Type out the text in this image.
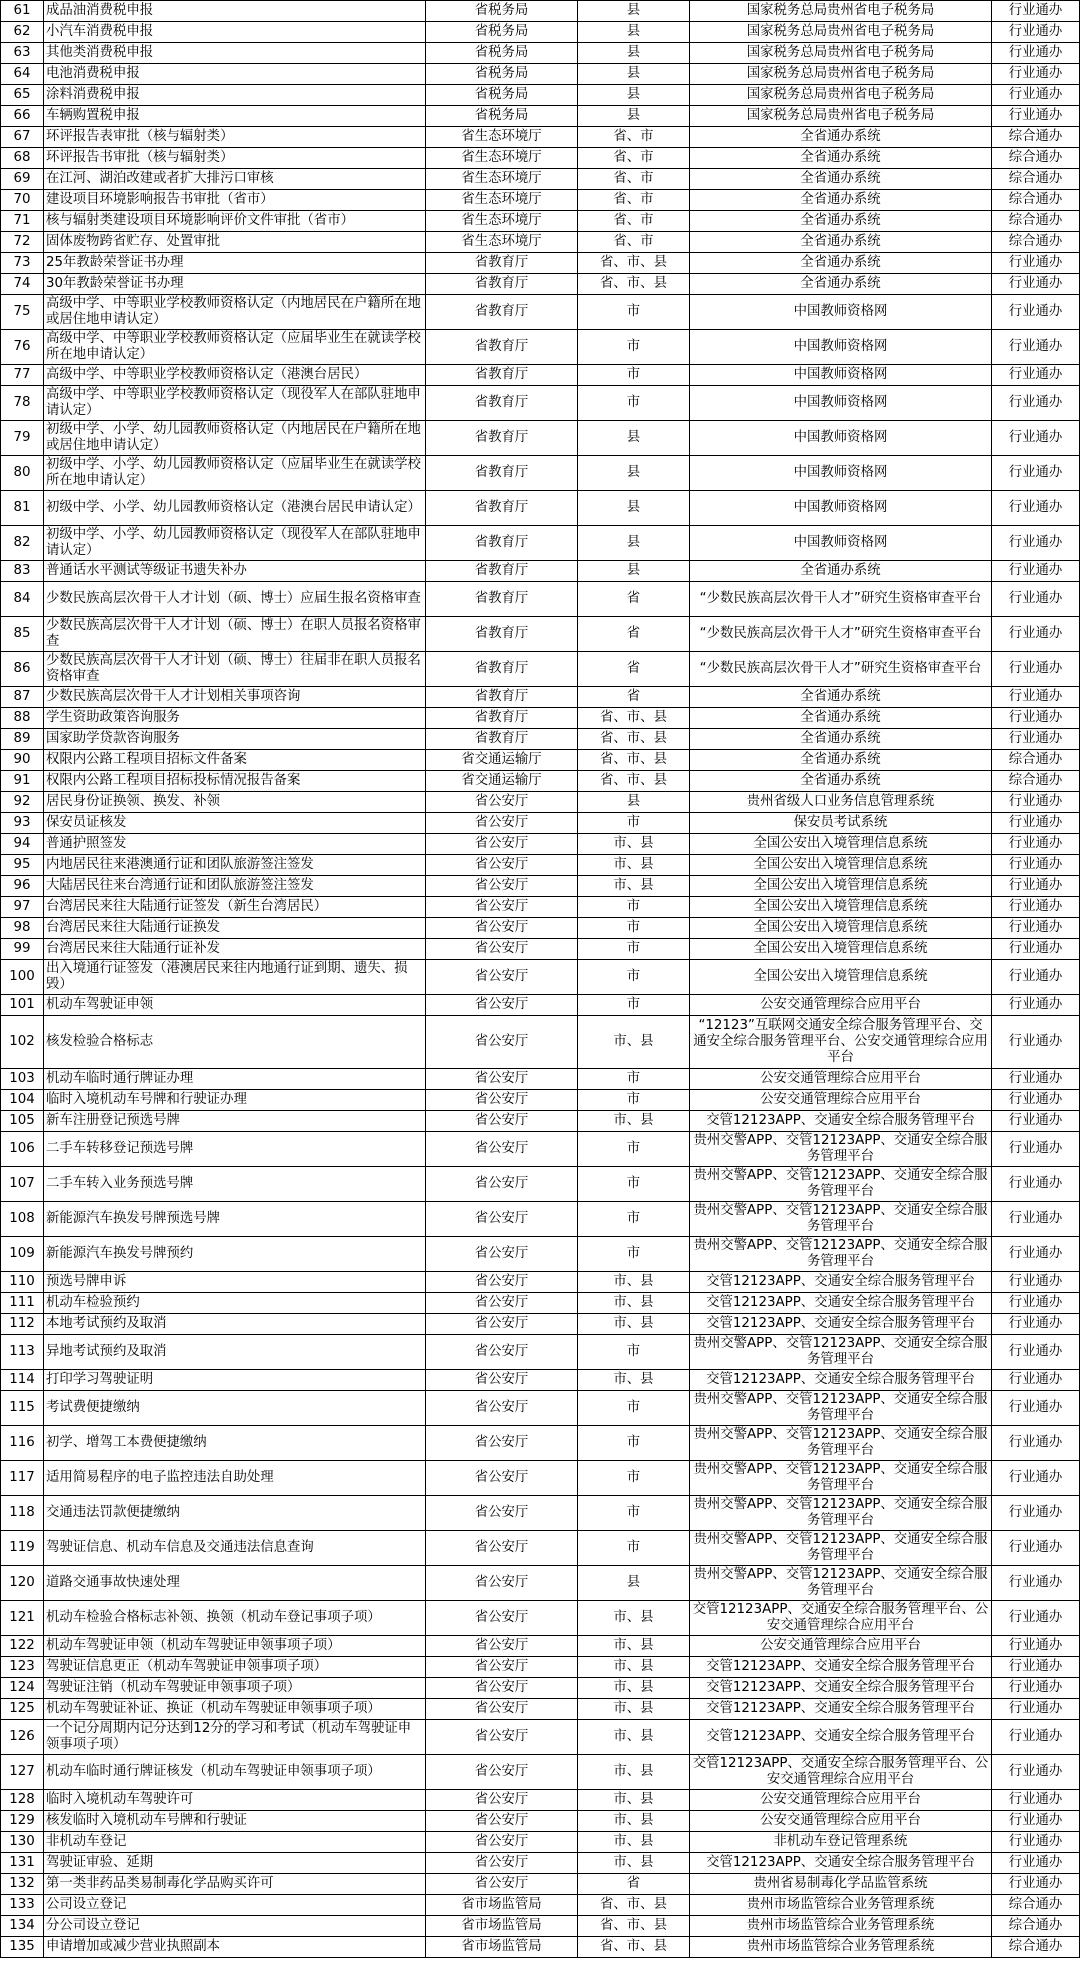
61	成品油消费税申报	省税务局	县	国家税务总局贵州省电子税务局	行业通办
62	小汽车消费税申报	省税务局	县	国家税务总局贵州省电子税务局	行业通办
63	其他类消费税申报	省税务局	县	国家税务总局贵州省电子税务局	行业通办
64	电池消费税申报	省税务局	县	国家税务总局贵州省电子税务局	行业通办
65	涂料消费税申报	省税务局	县	国家税务总局贵州省电子税务局	行业通办
66	车辆购置税申报	省税务局	县	国家税务总局贵州省电子税务局	行业通办
67	环评报告表审批（核与辐射类）	省生态环境厅	省、市	全省通办系统	综合通办
68	环评报告书审批（核与辐射类）	省生态环境厅	省、市	全省通办系统	综合通办
69	在江河、湖泊改建或者扩大排污口审核	省生态环境厅	省、市	全省通办系统	综合通办
70	建设项目环境影响报告书审批（省市）	省生态环境厅	省、市	全省通办系统	综合通办
71	核与辐射类建设项目环境影响评价文件审批（省市）	省生态环境厅	省、市	全省通办系统	综合通办
72	固体废物跨省贮存、处置审批	省生态环境厅	省、市	全省通办系统	综合通办
73	25年教龄荣誉证书办理	省教育厅	省、市、县	全省通办系统	行业通办
74	30年教龄荣誉证书办理	省教育厅	省、市、县	全省通办系统	行业通办
75	高级中学、中等职业学校教师资格认定（内地居民在户籍所在地或居住地申请认定）	省教育厅	市	中国教师资格网	行业通办
76	高级中学、中等职业学校教师资格认定（应届毕业生在就读学校所在地申请认定）	省教育厅	市	中国教师资格网	行业通办
77	高级中学、中等职业学校教师资格认定（港澳台居民）	省教育厅	市	中国教师资格网	行业通办
78	高级中学、中等职业学校教师资格认定（现役军人在部队驻地申请认定）	省教育厅	市	中国教师资格网	行业通办
79	初级中学、小学、幼儿园教师资格认定（内地居民在户籍所在地或居住地申请认定）	省教育厅	县	中国教师资格网	行业通办
80	初级中学、小学、幼儿园教师资格认定（应届毕业生在就读学校所在地申请认定）	省教育厅	县	中国教师资格网	行业通办
81	初级中学、小学、幼儿园教师资格认定（港澳台居民申请认定）	省教育厅	县	中国教师资格网	行业通办
82	初级中学、小学、幼儿园教师资格认定（现役军人在部队驻地申请认定）	省教育厅	县	中国教师资格网	行业通办
83	普通话水平测试等级证书遗失补办	省教育厅	县	全省通办系统	行业通办
84	少数民族高层次骨干人才计划（硕、博士）应届生报名资格审查	省教育厅	省	“少数民族高层次骨干人才”研究生资格审查平台	行业通办
85	少数民族高层次骨干人才计划（硕、博士）在职人员报名资格审查	省教育厅	省	“少数民族高层次骨干人才”研究生资格审查平台	行业通办
86	少数民族高层次骨干人才计划（硕、博士）往届非在职人员报名资格审查	省教育厅	省	“少数民族高层次骨干人才”研究生资格审查平台	行业通办
87	少数民族高层次骨干人才计划相关事项咨询	省教育厅	省	全省通办系统	行业通办
88	学生资助政策咨询服务	省教育厅	省、市、县	全省通办系统	行业通办
89	国家助学贷款咨询服务	省教育厅	省、市、县	全省通办系统	行业通办
90	权限内公路工程项目招标文件备案	省交通运输厅	省、市、县	全省通办系统	综合通办
91	权限内公路工程项目招标投标情况报告备案	省交通运输厅	省、市、县	全省通办系统	综合通办
92	居民身份证换领、换发、补领	省公安厅	县	贵州省级人口业务信息管理系统	行业通办
93	保安员证核发	省公安厅	市	保安员考试系统	行业通办
94	普通护照签发	省公安厅	市、县	全国公安出入境管理信息系统	行业通办
95	内地居民往来港澳通行证和团队旅游签注签发	省公安厅	市、县	全国公安出入境管理信息系统	行业通办
96	大陆居民往来台湾通行证和团队旅游签注签发	省公安厅	市、县	全国公安出入境管理信息系统	行业通办
97	台湾居民来往大陆通行证签发（新生台湾居民）	省公安厅	市	全国公安出入境管理信息系统	行业通办
98	台湾居民来往大陆通行证换发	省公安厅	市	全国公安出入境管理信息系统	行业通办
99	台湾居民来往大陆通行证补发	省公安厅	市	全国公安出入境管理信息系统	行业通办
100	出入境通行证签发（港澳居民来往内地通行证到期、遗失、损毁）	省公安厅	市	全国公安出入境管理信息系统	行业通办
101	机动车驾驶证申领	省公安厅	市	公安交通管理综合应用平台	行业通办
102	核发检验合格标志	省公安厅	市、县	“12123”互联网交通安全综合服务管理平台、交通安全综合服务管理平台、公安交通管理综合应用平台	行业通办
103	机动车临时通行牌证办理	省公安厅	市	公安交通管理综合应用平台	行业通办
104	临时入境机动车号牌和行驶证办理	省公安厅	市	公安交通管理综合应用平台	行业通办
105	新车注册登记预选号牌	省公安厅	市、县	交管12123APP、交通安全综合服务管理平台	行业通办
106	二手车转移登记预选号牌	省公安厅	市	贵州交警APP、交管12123APP、交通安全综合服务管理平台	行业通办
107	二手车转入业务预选号牌	省公安厅	市	贵州交警APP、交管12123APP、交通安全综合服务管理平台	行业通办
108	新能源汽车换发号牌预选号牌	省公安厅	市	贵州交警APP、交管12123APP、交通安全综合服务管理平台	行业通办
109	新能源汽车换发号牌预约	省公安厅	市	贵州交警APP、交管12123APP、交通安全综合服务管理平台	行业通办
110	预选号牌申诉	省公安厅	市、县	交管12123APP、交通安全综合服务管理平台	行业通办
111	机动车检验预约	省公安厅	市、县	交管12123APP、交通安全综合服务管理平台	行业通办
112	本地考试预约及取消	省公安厅	市、县	交管12123APP、交通安全综合服务管理平台	行业通办
113	异地考试预约及取消	省公安厅	市	贵州交警APP、交管12123APP、交通安全综合服务管理平台	行业通办
114	打印学习驾驶证明	省公安厅	市、县	交管12123APP、交通安全综合服务管理平台	行业通办
115	考试费便捷缴纳	省公安厅	市	贵州交警APP、交管12123APP、交通安全综合服务管理平台	行业通办
116	初学、增驾工本费便捷缴纳	省公安厅	市	贵州交警APP、交管12123APP、交通安全综合服务管理平台	行业通办
117	适用简易程序的电子监控违法自助处理	省公安厅	市	贵州交警APP、交管12123APP、交通安全综合服务管理平台	行业通办
118	交通违法罚款便捷缴纳	省公安厅	市	贵州交警APP、交管12123APP、交通安全综合服务管理平台	行业通办
119	驾驶证信息、机动车信息及交通违法信息查询	省公安厅	市	贵州交警APP、交管12123APP、交通安全综合服务管理平台	行业通办
120	道路交通事故快速处理	省公安厅	县	贵州交警APP、交管12123APP、交通安全综合服务管理平台	行业通办
121	机动车检验合格标志补领、换领（机动车登记事项子项）	省公安厅	市、县	交管12123APP、交通安全综合服务管理平台、公安交通管理综合应用平台	行业通办
122	机动车驾驶证申领（机动车驾驶证申领事项子项）	省公安厅	市、县	公安交通管理综合应用平台	行业通办
123	驾驶证信息更正（机动车驾驶证申领事项子项）	省公安厅	市、县	交管12123APP、交通安全综合服务管理平台	行业通办
124	驾驶证注销（机动车驾驶证申领事项子项）	省公安厅	市、县	交管12123APP、交通安全综合服务管理平台	行业通办
125	机动车驾驶证补证、换证（机动车驾驶证申领事项子项）	省公安厅	市、县	交管12123APP、交通安全综合服务管理平台	行业通办
126	一个记分周期内记分达到12分的学习和考试（机动车驾驶证申领事项子项）	省公安厅	市、县	交管12123APP、交通安全综合服务管理平台	行业通办
127	机动车临时通行牌证核发（机动车驾驶证申领事项子项）	省公安厅	市、县	交管12123APP、交通安全综合服务管理平台、公安交通管理综合应用平台	行业通办
128	临时入境机动车驾驶许可	省公安厅	市、县	公安交通管理综合应用平台	行业通办
129	核发临时入境机动车号牌和行驶证	省公安厅	市、县	公安交通管理综合应用平台	行业通办
130	非机动车登记	省公安厅	市、县	非机动车登记管理系统	行业通办
131	驾驶证审验、延期	省公安厅	市、县	交管12123APP、交通安全综合服务管理平台	行业通办
132	第一类非药品类易制毒化学品购买许可	省公安厅	省	贵州省易制毒化学品监管系统	行业通办
133	公司设立登记	省市场监管局	省、市、县	贵州市场监管综合业务管理系统	综合通办
134	分公司设立登记	省市场监管局	省、市、县	贵州市场监管综合业务管理系统	综合通办
135	申请增加或减少营业执照副本	省市场监管局	省、市、县	贵州市场监管综合业务管理系统	综合通办
